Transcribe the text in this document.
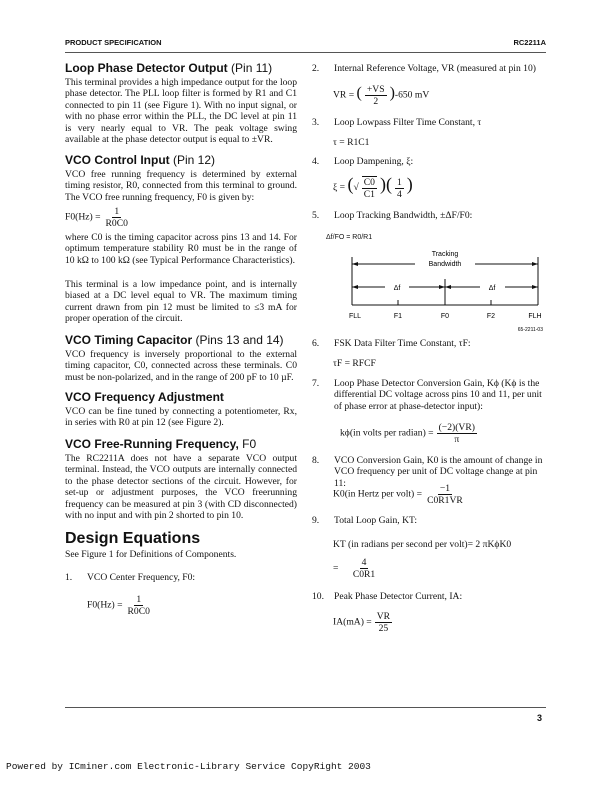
PRODUCT SPECIFICATION	RC2211A
Loop Phase Detector Output (Pin 11)
This terminal provides a high impedance output for the loop phase detector. The PLL loop filter is formed by R1 and C1 connected to pin 11 (see Figure 1). With no input signal, or with no phase error within the PLL, the DC level at pin 11 is very nearly equal to VR. The peak voltage swing available at the phase detector output is equal to ±VR.
VCO Control Input (Pin 12)
VCO free running frequency is determined by external timing resistor, R0, connected from this terminal to ground. The VCO free running frequency, F0 is given by:
$F0(Hz) = \frac{1}{R0C0}$
where C0 is the timing capacitor across pins 13 and 14. For optimum temperature stability R0 must be in the range of 10 kΩ to 100 kΩ (see Typical Performance Characteristics).
This terminal is a low impedance point, and is internally biased at a DC level equal to VR. The maximum timing current drawn from pin 12 must be limited to ≤3 mA for proper operation of the circuit.
VCO Timing Capacitor (Pins 13 and 14)
VCO frequency is inversely proportional to the external timing capacitor, C0, connected across these terminals. C0 must be non-polarized, and in the range of 200 pF to 10 µF.
VCO Frequency Adjustment
VCO can be fine tuned by connecting a potentiometer, Rx, in series with R0 at pin 12 (see Figure 2).
VCO Free-Running Frequency, F0
The RC2211A does not have a separate VCO output terminal. Instead, the VCO outputs are internally connected to the phase detector sections of the circuit. However, for set-up or adjustment purposes, the VCO freerunning frequency can be measured at pin 3 (with CD disconnected) with no input and with pin 2 shorted to pin 10.
Design Equations
See Figure 1 for Definitions of Components.
1. VCO Center Frequency, F0:
$F0(Hz) = \frac{1}{R0C0}$
2. Internal Reference Voltage, VR (measured at pin 10)
VR = ( $\frac{+VS}{2} )-650$ mV
3. Loop Lowpass Filter Time Constant, τ
τ = R1C1
4. Loop Dampening, ξ:
ξ = (√ $\frac{C0}{C1}$ )( $\frac{1}{4}$ )
5. Loop Tracking Bandwidth, ±ΔF/F0:
Δf/FO = R0/R1
Tracking
Bandwidth
Δf	Δf
FLL	F1	F0	F2	FLH
65-2211-03
6. FSK Data Filter Time Constant, τF:
τF = RFCF
7.	Loop Phase Detector Conversion Gain, Kϕ (Kϕ is the differential DC voltage across pins 10 and 11, per unit of phase error at phase-detector input):
kϕ(in volts per radian) = $\frac{(-2)(VR)}{\pi}$
8.	VCO Conversion Gain, K0 is the amount of change in VCO frequency per unit of DC voltage change at pin 11:
K0(in Hertz per volt) = $\frac{-1}{C0R1VR}$
9. Total Loop Gain, KT:
KT (in radians per second per volt)= 2 πKϕK0
= $\frac{4}{C0R1}$
10. Peak Phase Detector Current, IA:
$IA(mA) = \frac{VR}{25}$
3
Powered by ICminer.com Electronic-Library Service CopyRight 2003
